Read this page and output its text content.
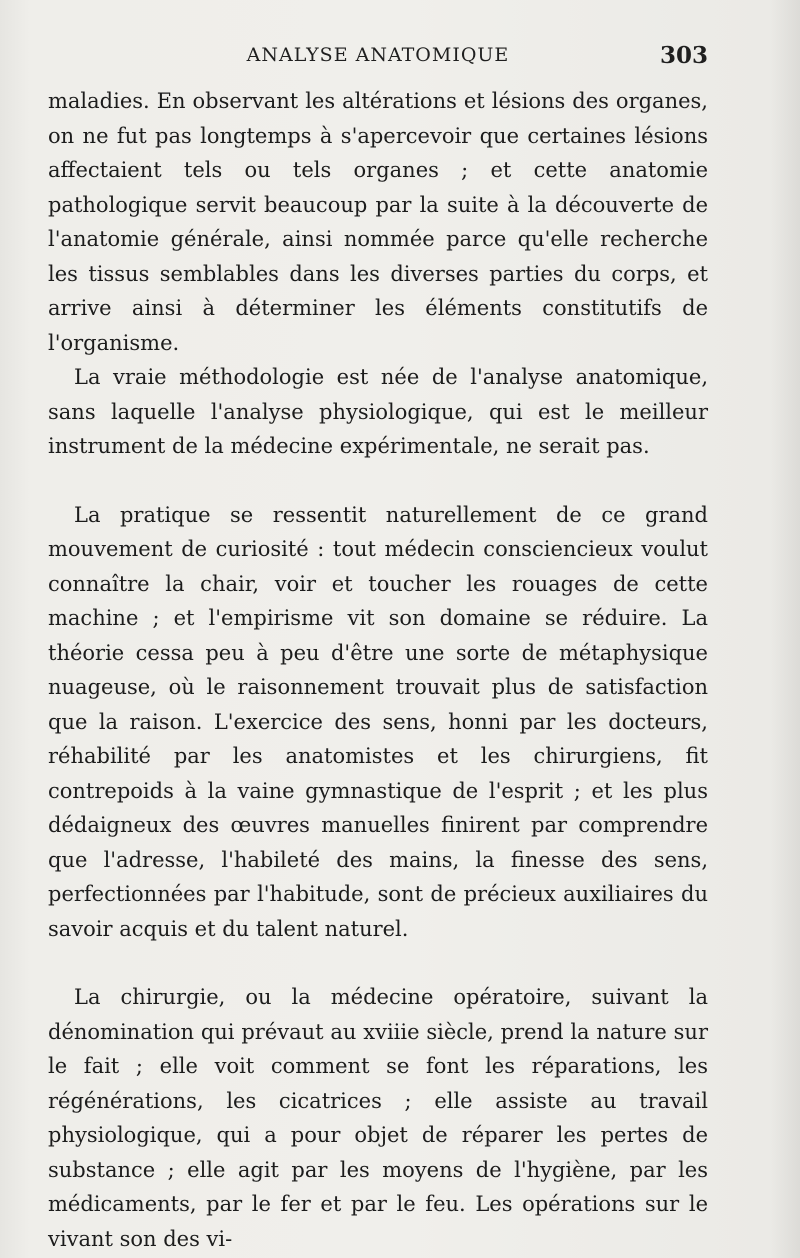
ANALYSE ANATOMIQUE	303

maladies. En observant les altérations et lésions des organes, on ne fut pas longtemps à s'apercevoir que certaines lésions affectaient tels ou tels organes ; et cette anatomie pathologique servit beaucoup par la suite à la découverte de l'anatomie générale, ainsi nommée parce qu'elle recherche les tissus semblables dans les diverses parties du corps, et arrive ainsi à déterminer les éléments constitutifs de l'organisme.

La vraie méthodologie est née de l'analyse anatomique, sans laquelle l'analyse physiologique, qui est le meilleur instrument de la médecine expérimentale, ne serait pas.

La pratique se ressentit naturellement de ce grand mouvement de curiosité : tout médecin consciencieux voulut connaître la chair, voir et toucher les rouages de cette machine ; et l'empirisme vit son domaine se réduire. La théorie cessa peu à peu d'être une sorte de métaphysique nuageuse, où le raisonnement trouvait plus de satisfaction que la raison. L'exercice des sens, honni par les docteurs, réhabilité par les anatomistes et les chirurgiens, fit contrepoids à la vaine gymnastique de l'esprit ; et les plus dédaigneux des œuvres manuelles finirent par comprendre que l'adresse, l'habileté des mains, la finesse des sens, perfectionnées par l'habitude, sont de précieux auxiliaires du savoir acquis et du talent naturel.

La chirurgie, ou la médecine opératoire, suivant la dénomination qui prévaut au xviiie siècle, prend la nature sur le fait ; elle voit comment se font les réparations, les régénérations, les cicatrices ; elle assiste au travail physiologique, qui a pour objet de réparer les pertes de substance ; elle agit par les moyens de l'hygiène, par les médicaments, par le fer et par le feu. Les opérations sur le vivant son des vi-
